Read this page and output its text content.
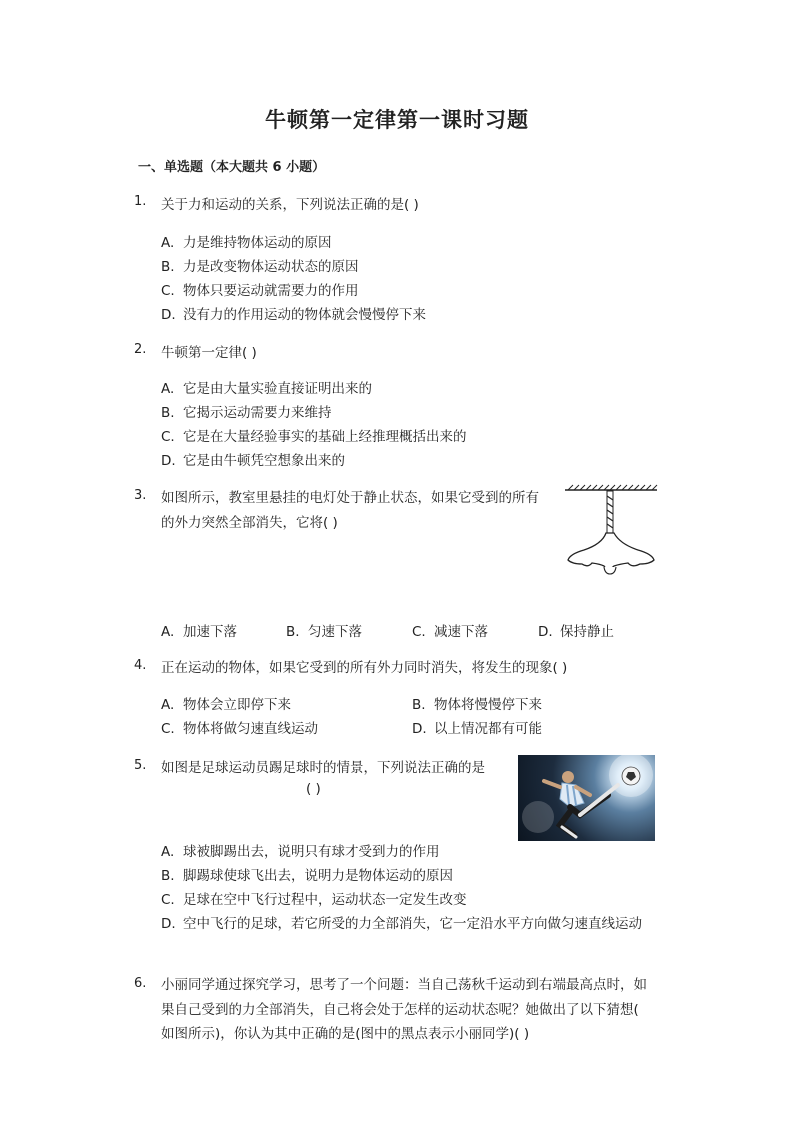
牛顿第一定律第一课时习题
一、单选题（本大题共 6 小题）
1. 关于力和运动的关系，下列说法正确的是( )
A. 力是维持物体运动的原因
B. 力是改变物体运动状态的原因
C. 物体只要运动就需要力的作用
D. 没有力的作用运动的物体就会慢慢停下来
2. 牛顿第一定律( )
A. 它是由大量实验直接证明出来的
B. 它揭示运动需要力来维持
C. 它是在大量经验事实的基础上经推理概括出来的
D. 它是由牛顿凭空想象出来的
3. 如图所示，教室里悬挂的电灯处于静止状态，如果它受到的所有
的外力突然全部消失，它将( )
A. 加速下落	B. 匀速下落	C. 减速下落	D. 保持静止
4. 正在运动的物体，如果它受到的所有外力同时消失，将发生的现象( )
A. 物体会立即停下来	B. 物体将慢慢停下来
C. 物体将做匀速直线运动	D. 以上情况都有可能
5. 如图是足球运动员踢足球时的情景，下列说法正确的是
( )
A. 球被脚踢出去，说明只有球才受到力的作用
B. 脚踢球使球飞出去，说明力是物体运动的原因
C. 足球在空中飞行过程中，运动状态一定发生改变
D. 空中飞行的足球，若它所受的力全部消失，它一定沿水平方向做匀速直线运动
6. 小丽同学通过探究学习，思考了一个问题：当自己荡秋千运动到右端最高点时，如
果自己受到的力全部消失，自己将会处于怎样的运动状态呢？她做出了以下猜想(
如图所示)，你认为其中正确的是(图中的黑点表示小丽同学)( )
